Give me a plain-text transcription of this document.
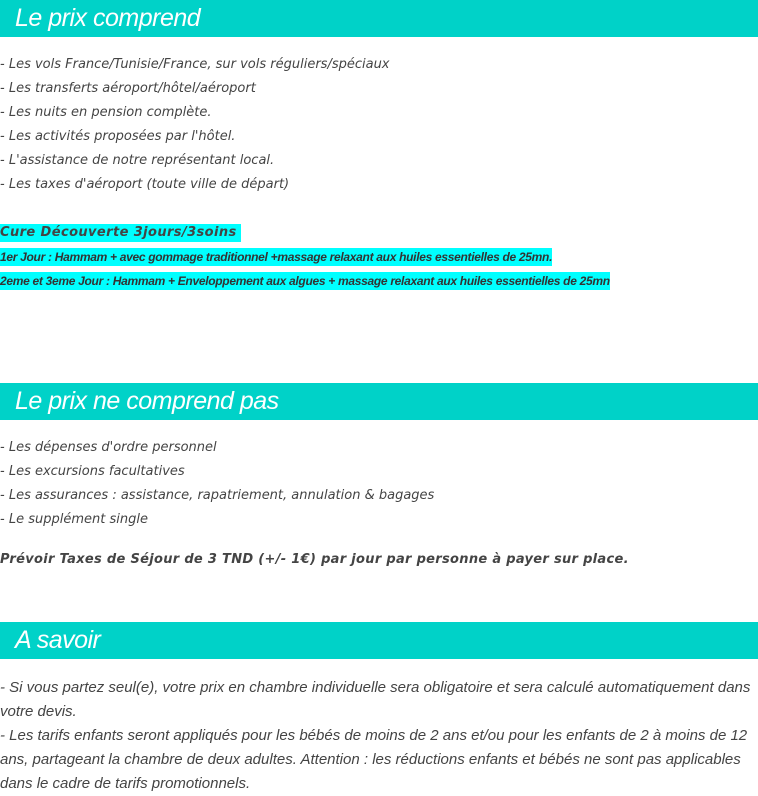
Le prix comprend
- Les vols France/Tunisie/France, sur vols réguliers/spéciaux
- Les transferts aéroport/hôtel/aéroport
- Les nuits en pension complète.
- Les activités proposées par l'hôtel.
- L'assistance de notre représentant local.
- Les taxes d'aéroport (toute ville de départ)
Cure Découverte 3jours/3soins
1er Jour : Hammam + avec gommage traditionnel +massage relaxant aux huiles essentielles de 25mn.
2eme et 3eme Jour : Hammam + Enveloppement aux algues + massage relaxant aux huiles essentielles de 25mn
Le prix ne comprend pas
- Les dépenses d'ordre personnel
- Les excursions facultatives
- Les assurances : assistance, rapatriement, annulation & bagages
- Le supplément single
Prévoir Taxes de Séjour de 3 TND (+/- 1€) par jour par personne à payer sur place.
A savoir

- Si vous partez seul(e), votre prix en chambre individuelle sera obligatoire et sera calculé automatiquement dans votre devis.

- Les tarifs enfants seront appliqués pour les bébés de moins de 2 ans et/ou pour les enfants de 2 à moins de 12 ans, partageant la chambre de deux adultes. Attention : les réductions enfants et bébés ne sont pas applicables dans le cadre de tarifs promotionnels.
